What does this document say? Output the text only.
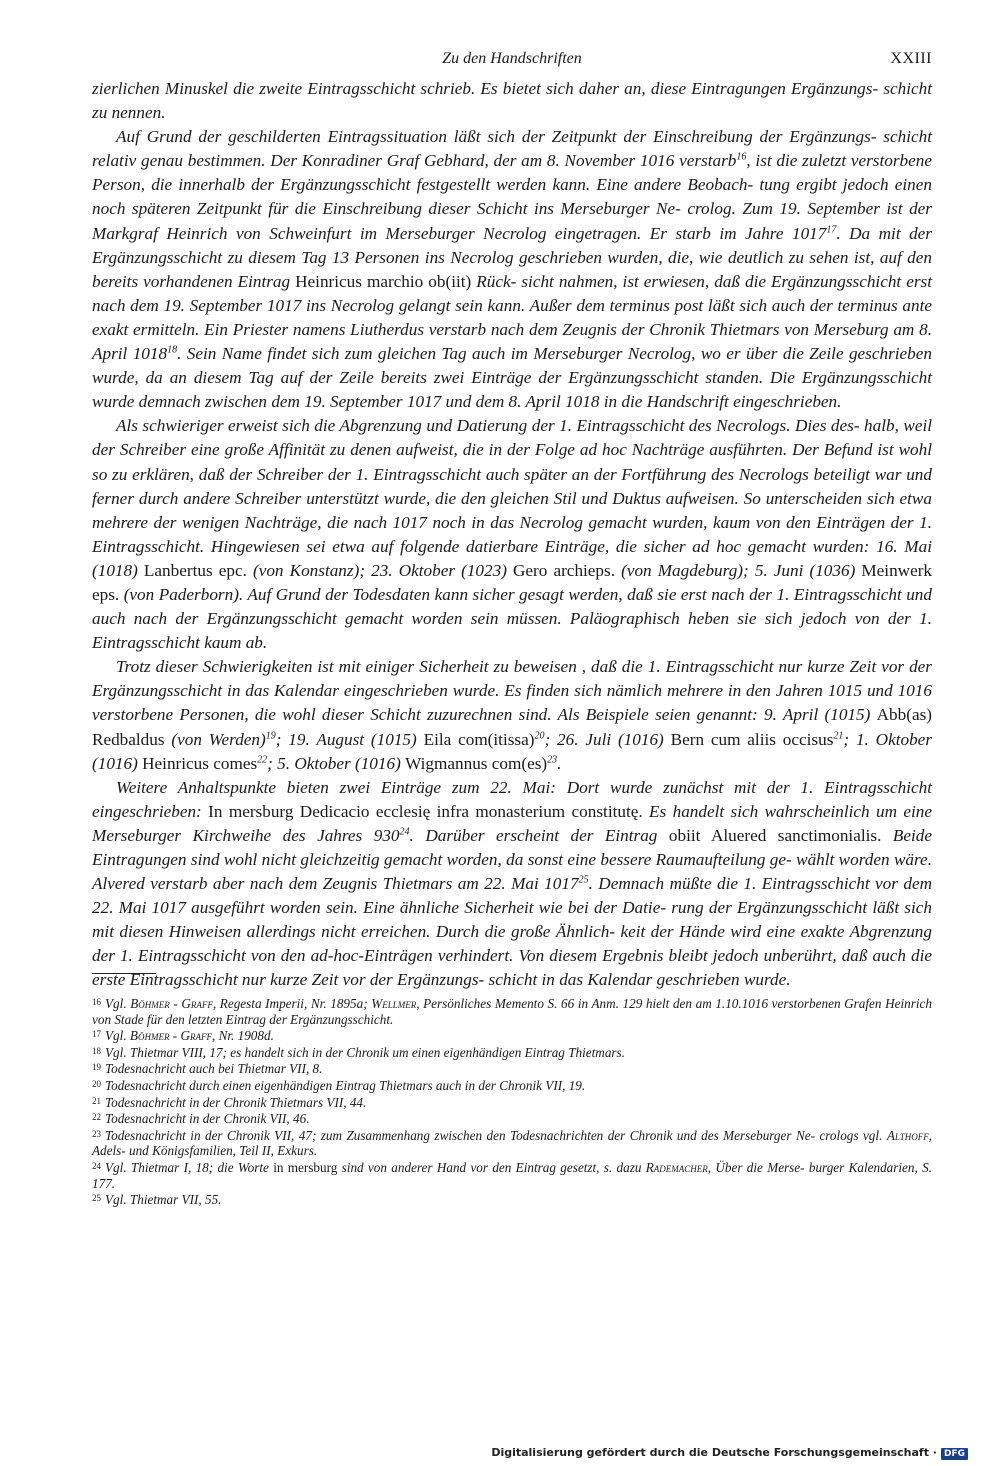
Zu den Handschriften	XXIII

zierlichen Minuskel die zweite Eintragsschicht schrieb. Es bietet sich daher an, diese Eintragungen Ergänzungs- schicht zu nennen.

Auf Grund der geschilderten Eintragssituation läßt sich der Zeitpunkt der Einschreibung der Ergänzungs- schicht relativ genau bestimmen. Der Konradiner Graf Gebhard, der am 8. November 1016 verstarb$^{16}$, ist die zuletzt verstorbene Person, die innerhalb der Ergänzungsschicht festgestellt werden kann. Eine andere Beobach- tung ergibt jedoch einen noch späteren Zeitpunkt für die Einschreibung dieser Schicht ins Merseburger Ne- crolog. Zum 19. September ist der Markgraf Heinrich von Schweinfurt im Merseburger Necrolog eingetragen. Er starb im Jahre 1017$^{17}$. Da mit der Ergänzungsschicht zu diesem Tag 13 Personen ins Necrolog geschrieben wurden, die, wie deutlich zu sehen ist, auf den bereits vorhandenen Eintrag Heinricus marchio ob(iit) Rück- sicht nahmen, ist erwiesen, daß die Ergänzungsschicht erst nach dem 19. September 1017 ins Necrolog gelangt sein kann. Außer dem terminus post läßt sich auch der terminus ante exakt ermitteln. Ein Priester namens Liutherdus verstarb nach dem Zeugnis der Chronik Thietmars von Merseburg am 8. April 1018$^{18}$. Sein Name findet sich zum gleichen Tag auch im Merseburger Necrolog, wo er über die Zeile geschrieben wurde, da an diesem Tag auf der Zeile bereits zwei Einträge der Ergänzungsschicht standen. Die Ergänzungsschicht wurde demnach zwischen dem 19. September 1017 und dem 8. April 1018 in die Handschrift eingeschrieben.

Als schwieriger erweist sich die Abgrenzung und Datierung der 1. Eintragsschicht des Necrologs. Dies des- halb, weil der Schreiber eine große Affinität zu denen aufweist, die in der Folge ad hoc Nachträge ausführten. Der Befund ist wohl so zu erklären, daß der Schreiber der 1. Eintragsschicht auch später an der Fortführung des Necrologs beteiligt war und ferner durch andere Schreiber unterstützt wurde, die den gleichen Stil und Duktus aufweisen. So unterscheiden sich etwa mehrere der wenigen Nachträge, die nach 1017 noch in das Necrolog gemacht wurden, kaum von den Einträgen der 1. Eintragsschicht. Hingewiesen sei etwa auf folgende datierbare Einträge, die sicher ad hoc gemacht wurden: 16. Mai (1018) Lanbertus epc. (von Konstanz); 23. Oktober (1023) Gero archieps. (von Magdeburg); 5. Juni (1036) Meinwerk eps. (von Paderborn). Auf Grund der Todesdaten kann sicher gesagt werden, daß sie erst nach der 1. Eintragsschicht und auch nach der Ergänzungsschicht gemacht worden sein müssen. Paläographisch heben sie sich jedoch von der 1. Eintragsschicht kaum ab.

Trotz dieser Schwierigkeiten ist mit einiger Sicherheit zu beweisen , daß die 1. Eintragsschicht nur kurze Zeit vor der Ergänzungsschicht in das Kalendar eingeschrieben wurde. Es finden sich nämlich mehrere in den Jahren 1015 und 1016 verstorbene Personen, die wohl dieser Schicht zuzurechnen sind. Als Beispiele seien genannt: 9. April (1015) Abb(as) Redbaldus (von Werden)$^{19}$; 19. August (1015) Eila com(itissa)$^{20}$; 26. Juli (1016) Bern cum aliis occisus$^{21}$; 1. Oktober (1016) Heinricus comes$^{22}$; 5. Oktober (1016) Wigmannus com(es)$^{23}$.

Weitere Anhaltspunkte bieten zwei Einträge zum 22. Mai: Dort wurde zunächst mit der 1. Eintragsschicht eingeschrieben: In mersburg Dedicacio ecclesię infra monasterium constitutę. Es handelt sich wahrscheinlich um eine Merseburger Kirchweihe des Jahres $930^{24}$. Darüber erscheint der Eintrag obiit Aluered sanctimonialis. Beide Eintragungen sind wohl nicht gleichzeitig gemacht worden, da sonst eine bessere Raumaufteilung ge- wählt worden wäre. Alvered verstarb aber nach dem Zeugnis Thietmars am 22. Mai 1017$^{25}$. Demnach müßte die 1. Eintragsschicht vor dem 22. Mai 1017 ausgeführt worden sein. Eine ähnliche Sicherheit wie bei der Datie- rung der Ergänzungsschicht läßt sich mit diesen Hinweisen allerdings nicht erreichen. Durch die große Ähnlich- keit der Hände wird eine exakte Abgrenzung der 1. Eintragsschicht von den ad-hoc-Einträgen verhindert. Von diesem Ergebnis bleibt jedoch unberührt, daß auch die erste Eintragsschicht nur kurze Zeit vor der Ergänzungs- schicht in das Kalendar geschrieben wurde.

$^{16}$ Vgl. Böhmer - Graff, Regesta Imperii, Nr. 1895a; Wellmer, Persönliches Memento S. 66 in Anm. 129 hielt den am 1.10.1016 verstorbenen Grafen Heinrich von Stade für den letzten Eintrag der Ergänzungsschicht.

$^{17}$ Vgl. Böhmer - Graff, Nr. 1908d.

$^{18}$ Vgl. Thietmar VIII, 17; es handelt sich in der Chronik um einen eigenhändigen Eintrag Thietmars.

$^{19}$ Todesnachricht auch bei Thietmar VII, 8.

$^{20}$ Todesnachricht durch einen eigenhändigen Eintrag Thietmars auch in der Chronik VII, 19.

$^{21}$ Todesnachricht in der Chronik Thietmars VII, 44.

$^{22}$ Todesnachricht in der Chronik VII, 46.

$^{23}$ Todesnachricht in der Chronik VII, 47; zum Zusammenhang zwischen den Todesnachrichten der Chronik und des Merseburger Ne- crologs vgl. Althoff, Adels- und Königsfamilien, Teil II, Exkurs.

$^{24}$ Vgl. Thietmar I, 18; die Worte in mersburg sind von anderer Hand vor den Eintrag gesetzt, s. dazu Rademacher, Über die Merse- burger Kalendarien, S. 177.

$^{25}$ Vgl. Thietmar VII, 55.

Digitalisierung gefördert durch die Deutsche Forschungsgemeinschaft · DFG
